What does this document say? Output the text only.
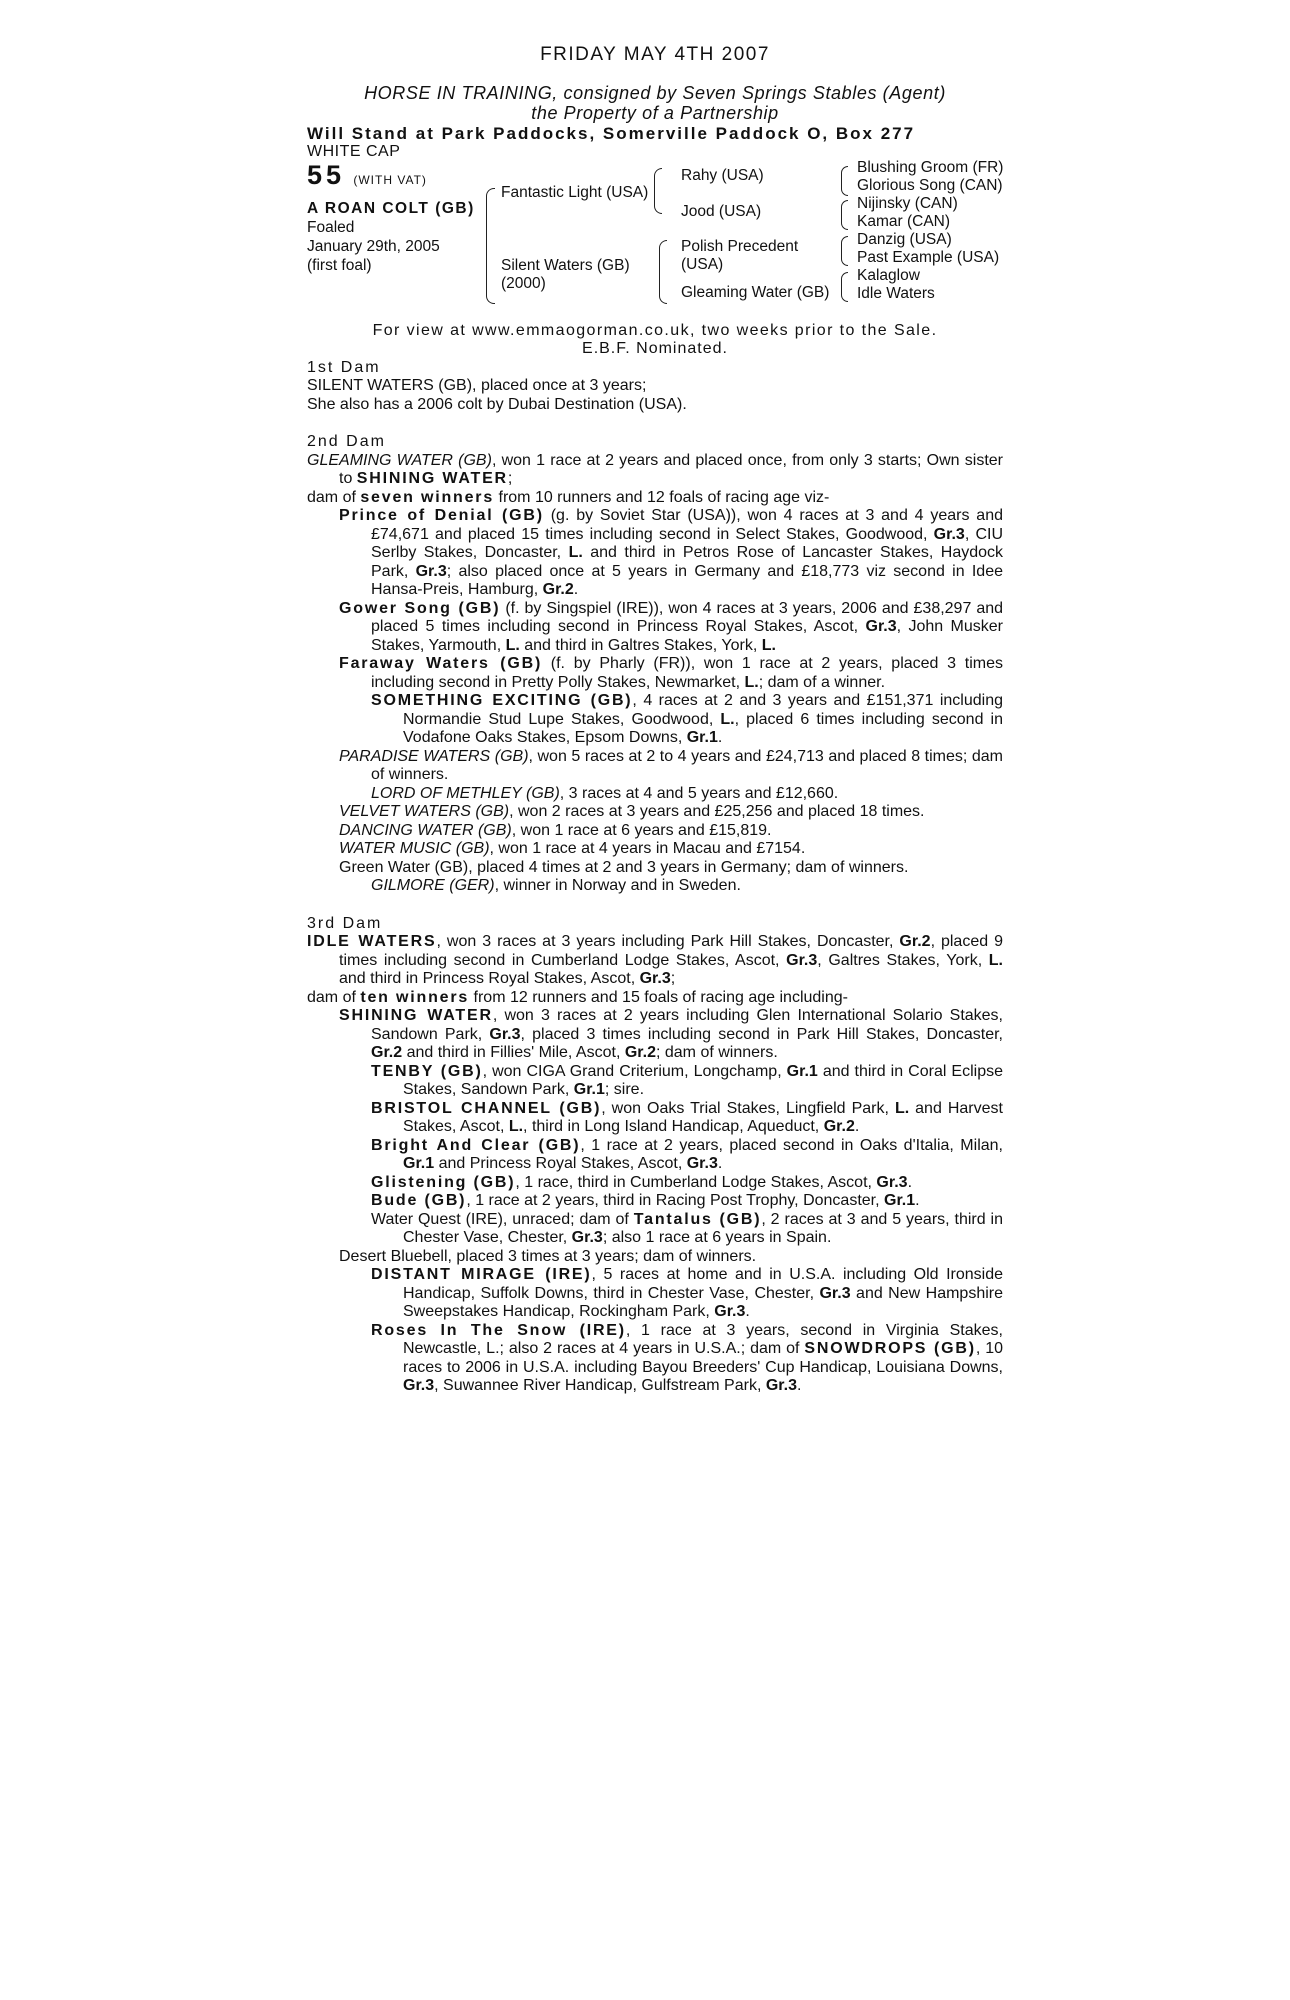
FRIDAY MAY 4TH 2007
HORSE IN TRAINING, consigned by Seven Springs Stables (Agent)
the Property of a Partnership
Will Stand at Park Paddocks, Somerville Paddock O, Box 277
WHITE CAP
55 (WITH VAT)
A ROAN COLT (GB)
Foaled
January 29th, 2005
(first foal)
Fantastic Light (USA)
Silent Waters (GB)
(2000)
Rahy (USA)
Jood (USA)
Polish Precedent
(USA)
Gleaming Water (GB)
Blushing Groom (FR)
Glorious Song (CAN)
Nijinsky (CAN)
Kamar (CAN)
Danzig (USA)
Past Example (USA)
Kalaglow
Idle Waters
For view at www.emmaogorman.co.uk, two weeks prior to the Sale.
E.B.F. Nominated.
1st Dam

SILENT WATERS (GB), placed once at 3 years;

She also has a 2006 colt by Dubai Destination (USA).

2nd Dam

GLEAMING WATER (GB), won 1 race at 2 years and placed once, from only 3 starts; Own sister to SHINING WATER;

dam of seven winners from 10 runners and 12 foals of racing age viz-

Prince of Denial (GB) (g. by Soviet Star (USA)), won 4 races at 3 and 4 years and £74,671 and placed 15 times including second in Select Stakes, Goodwood, Gr.3, CIU Serlby Stakes, Doncaster, L. and third in Petros Rose of Lancaster Stakes, Haydock Park, Gr.3; also placed once at 5 years in Germany and £18,773 viz second in Idee Hansa-Preis, Hamburg, Gr.2.

Gower Song (GB) (f. by Singspiel (IRE)), won 4 races at 3 years, 2006 and £38,297 and placed 5 times including second in Princess Royal Stakes, Ascot, Gr.3, John Musker Stakes, Yarmouth, L. and third in Galtres Stakes, York, L.

Faraway Waters (GB) (f. by Pharly (FR)), won 1 race at 2 years, placed 3 times including second in Pretty Polly Stakes, Newmarket, L.; dam of a winner.

SOMETHING EXCITING (GB), 4 races at 2 and 3 years and £151,371 including Normandie Stud Lupe Stakes, Goodwood, L., placed 6 times including second in Vodafone Oaks Stakes, Epsom Downs, Gr.1.

PARADISE WATERS (GB), won 5 races at 2 to 4 years and £24,713 and placed 8 times; dam of winners.

LORD OF METHLEY (GB), 3 races at 4 and 5 years and £12,660.

VELVET WATERS (GB), won 2 races at 3 years and £25,256 and placed 18 times.

DANCING WATER (GB), won 1 race at 6 years and £15,819.

WATER MUSIC (GB), won 1 race at 4 years in Macau and £7154.

Green Water (GB), placed 4 times at 2 and 3 years in Germany; dam of winners.

GILMORE (GER), winner in Norway and in Sweden.

3rd Dam

IDLE WATERS, won 3 races at 3 years including Park Hill Stakes, Doncaster, Gr.2, placed 9 times including second in Cumberland Lodge Stakes, Ascot, Gr.3, Galtres Stakes, York, L. and third in Princess Royal Stakes, Ascot, Gr.3;

dam of ten winners from 12 runners and 15 foals of racing age including-

SHINING WATER, won 3 races at 2 years including Glen International Solario Stakes, Sandown Park, Gr.3, placed 3 times including second in Park Hill Stakes, Doncaster, Gr.2 and third in Fillies' Mile, Ascot, Gr.2; dam of winners.

TENBY (GB), won CIGA Grand Criterium, Longchamp, Gr.1 and third in Coral Eclipse Stakes, Sandown Park, Gr.1; sire.

BRISTOL CHANNEL (GB), won Oaks Trial Stakes, Lingfield Park, L. and Harvest Stakes, Ascot, L., third in Long Island Handicap, Aqueduct, Gr.2.

Bright And Clear (GB), 1 race at 2 years, placed second in Oaks d'Italia, Milan, Gr.1 and Princess Royal Stakes, Ascot, Gr.3.

Glistening (GB), 1 race, third in Cumberland Lodge Stakes, Ascot, Gr.3.

Bude (GB), 1 race at 2 years, third in Racing Post Trophy, Doncaster, Gr.1.

Water Quest (IRE), unraced; dam of Tantalus (GB), 2 races at 3 and 5 years, third in Chester Vase, Chester, Gr.3; also 1 race at 6 years in Spain.

Desert Bluebell, placed 3 times at 3 years; dam of winners.

DISTANT MIRAGE (IRE), 5 races at home and in U.S.A. including Old Ironside Handicap, Suffolk Downs, third in Chester Vase, Chester, Gr.3 and New Hampshire Sweepstakes Handicap, Rockingham Park, Gr.3.

Roses In The Snow (IRE), 1 race at 3 years, second in Virginia Stakes, Newcastle, L.; also 2 races at 4 years in U.S.A.; dam of SNOWDROPS (GB), 10 races to 2006 in U.S.A. including Bayou Breeders' Cup Handicap, Louisiana Downs, Gr.3, Suwannee River Handicap, Gulfstream Park, Gr.3.
